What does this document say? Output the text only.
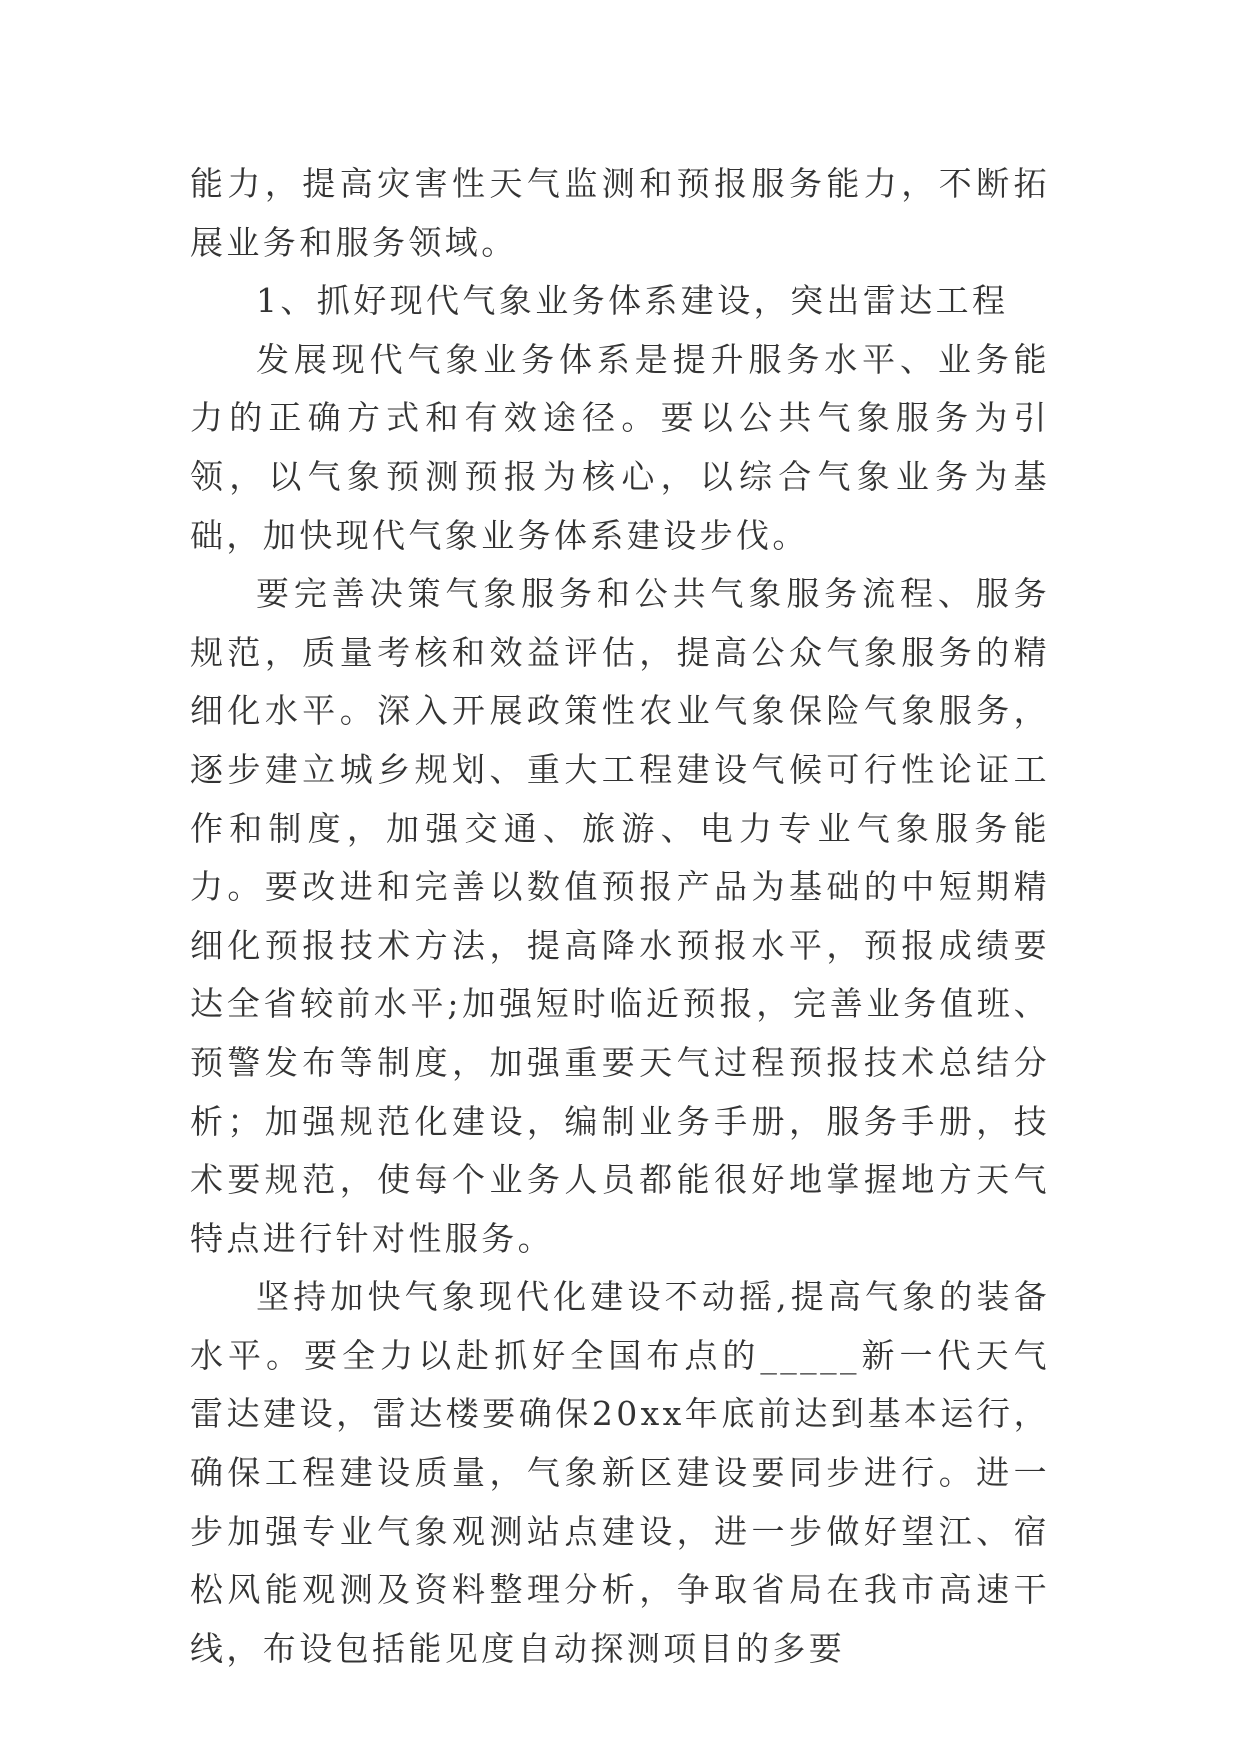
能力，提高灾害性天气监测和预报服务能力，不断拓展业务和服务领域。

1、抓好现代气象业务体系建设，突出雷达工程

发展现代气象业务体系是提升服务水平、业务能力的正确方式和有效途径。要以公共气象服务为引领，以气象预测预报为核心，以综合气象业务为基础，加快现代气象业务体系建设步伐。

要完善决策气象服务和公共气象服务流程、服务规范，质量考核和效益评估，提高公众气象服务的精细化水平。深入开展政策性农业气象保险气象服务，逐步建立城乡规划、重大工程建设气候可行性论证工作和制度，加强交通、旅游、电力专业气象服务能力。要改进和完善以数值预报产品为基础的中短期精细化预报技术方法，提高降水预报水平，预报成绩要达全省较前水平;加强短时临近预报，完善业务值班、预警发布等制度，加强重要天气过程预报技术总结分析；加强规范化建设，编制业务手册，服务手册，技术要规范，使每个业务人员都能很好地掌握地方天气特点进行针对性服务。

坚持加快气象现代化建设不动摇,提高气象的装备水平。要全力以赴抓好全国布点的_____新一代天气雷达建设，雷达楼要确保20xx年底前达到基本运行，确保工程建设质量，气象新区建设要同步进行。进一步加强专业气象观测站点建设，进一步做好望江、宿松风能观测及资料整理分析，争取省局在我市高速干线，布设包括能见度自动探测项目的多要
